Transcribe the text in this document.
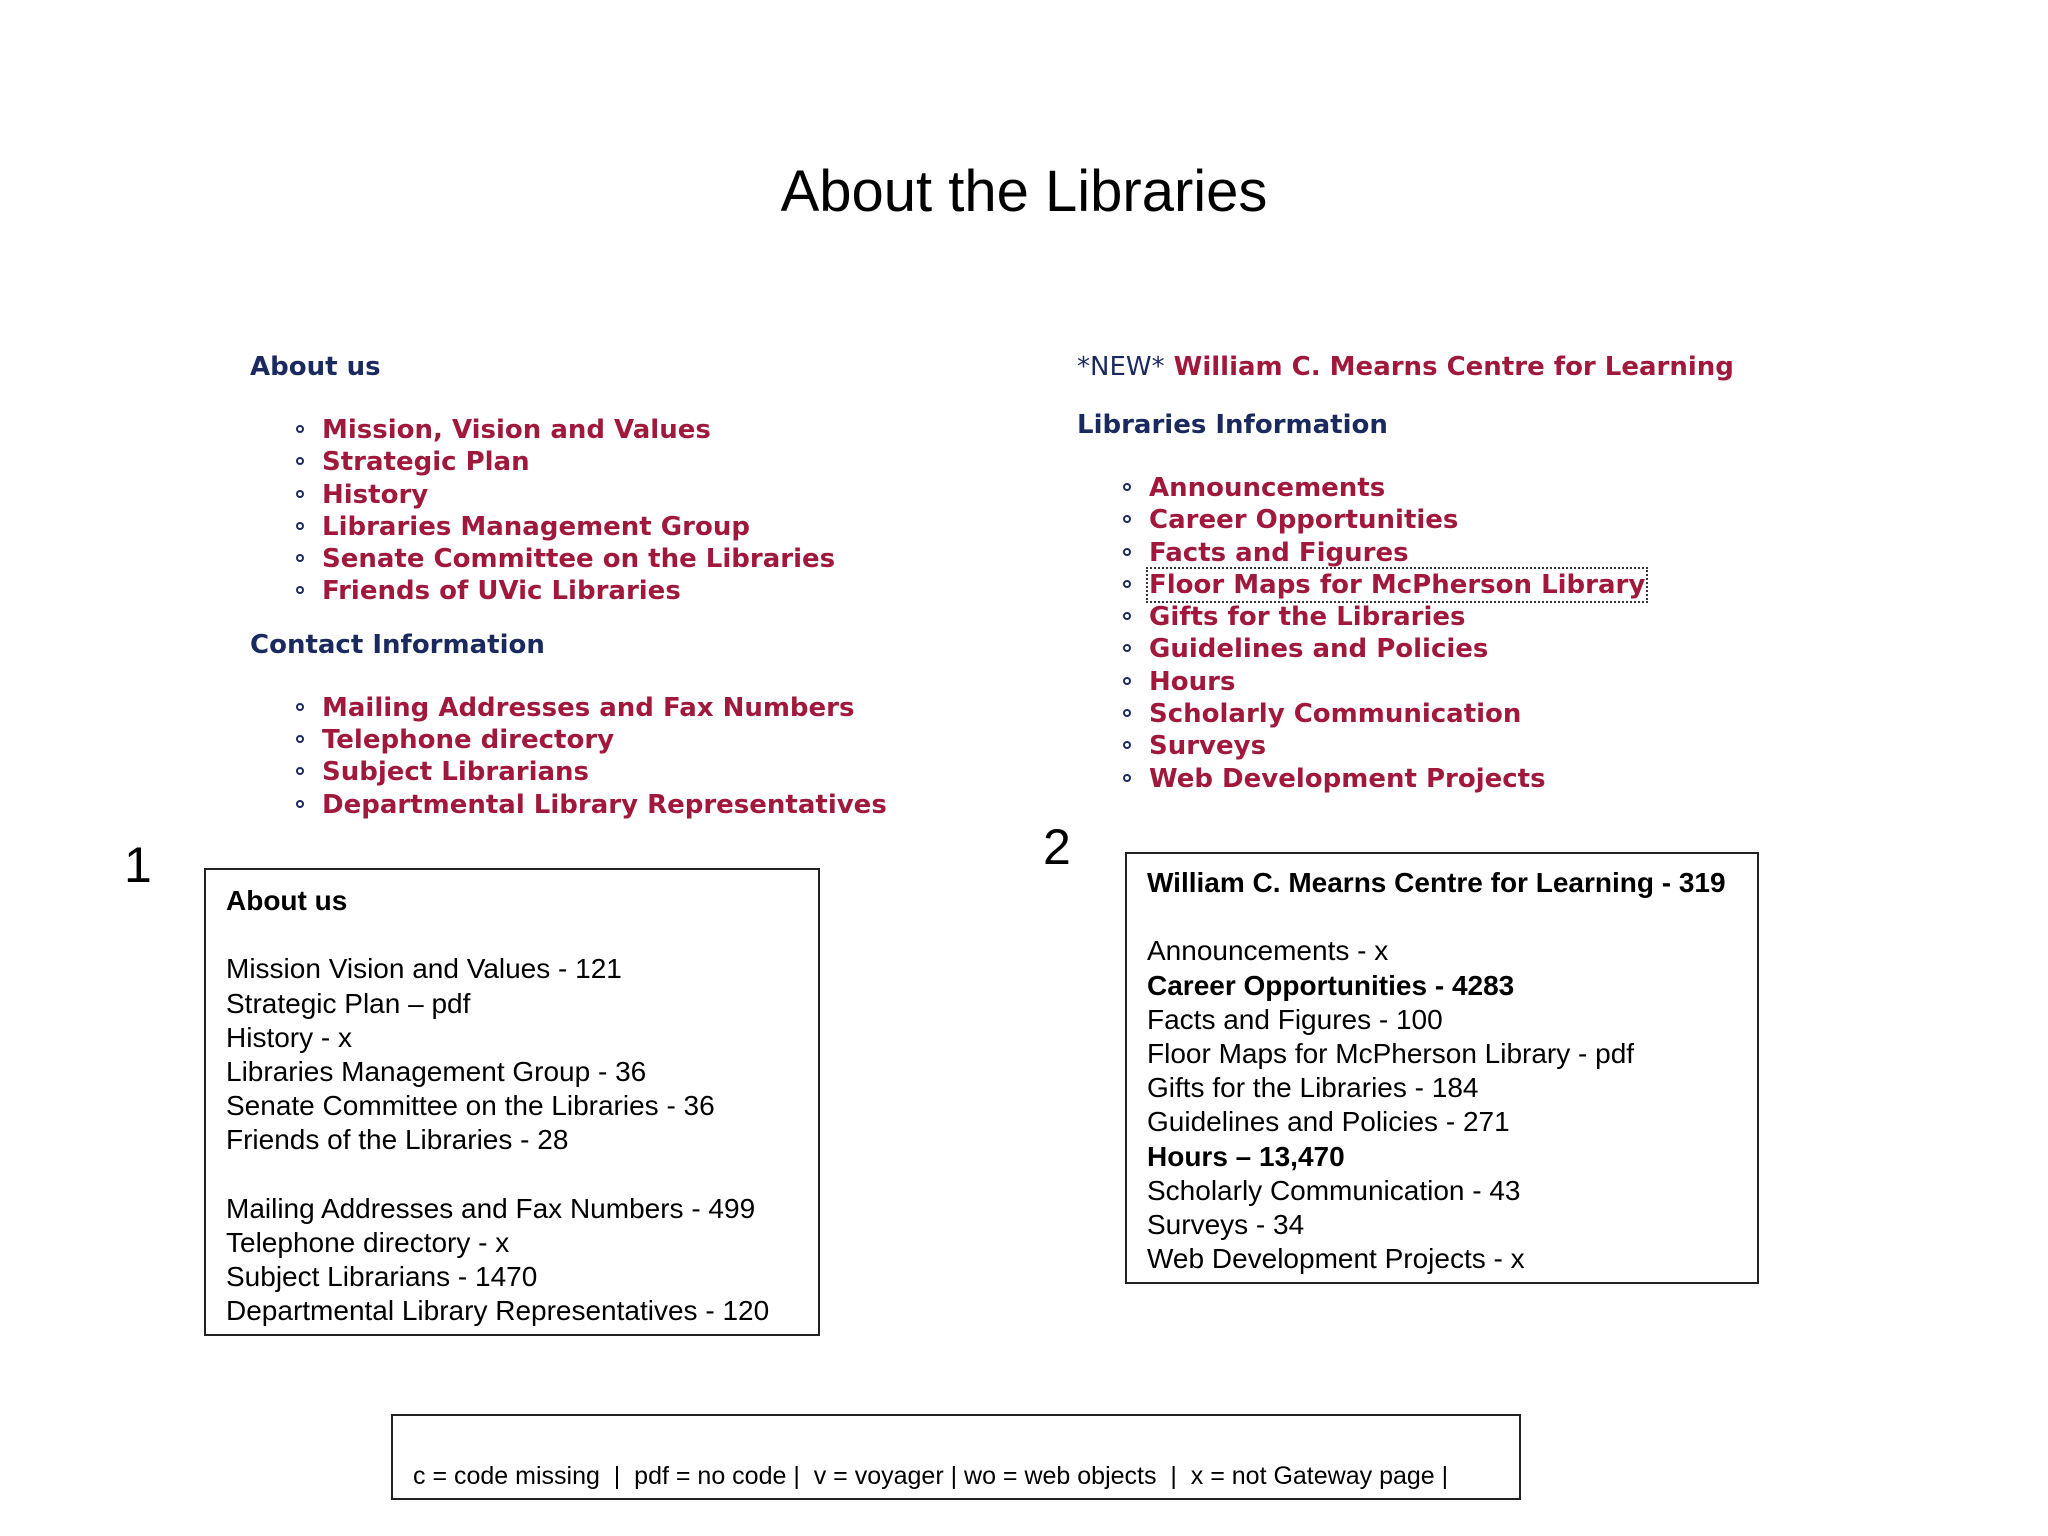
About the Libraries
About us
Mission, Vision and Values
Strategic Plan
History
Libraries Management Group
Senate Committee on the Libraries
Friends of UVic Libraries
Contact Information
Mailing Addresses and Fax Numbers
Telephone directory
Subject Librarians
Departmental Library Representatives
*NEW* William C. Mearns Centre for Learning
Libraries Information
Announcements
Career Opportunities
Facts and Figures
Floor Maps for McPherson Library
Gifts for the Libraries
Guidelines and Policies
Hours
Scholarly Communication
Surveys
Web Development Projects
1	2
About us
Mission Vision and Values - 121
Strategic Plan – pdf
History - x
Libraries Management Group - 36
Senate Committee on the Libraries - 36
Friends of the Libraries - 28
Mailing Addresses and Fax Numbers - 499
Telephone directory - x
Subject Librarians - 1470
Departmental Library Representatives - 120
William C. Mearns Centre for Learning - 319
Announcements - x
Career Opportunities - 4283
Facts and Figures - 100
Floor Maps for McPherson Library - pdf
Gifts for the Libraries - 184
Guidelines and Policies - 271
Hours – 13,470
Scholarly Communication - 43
Surveys - 34
Web Development Projects - x
c = code missing  |  pdf = no code |  v = voyager | wo = web objects  |  x = not Gateway page |
